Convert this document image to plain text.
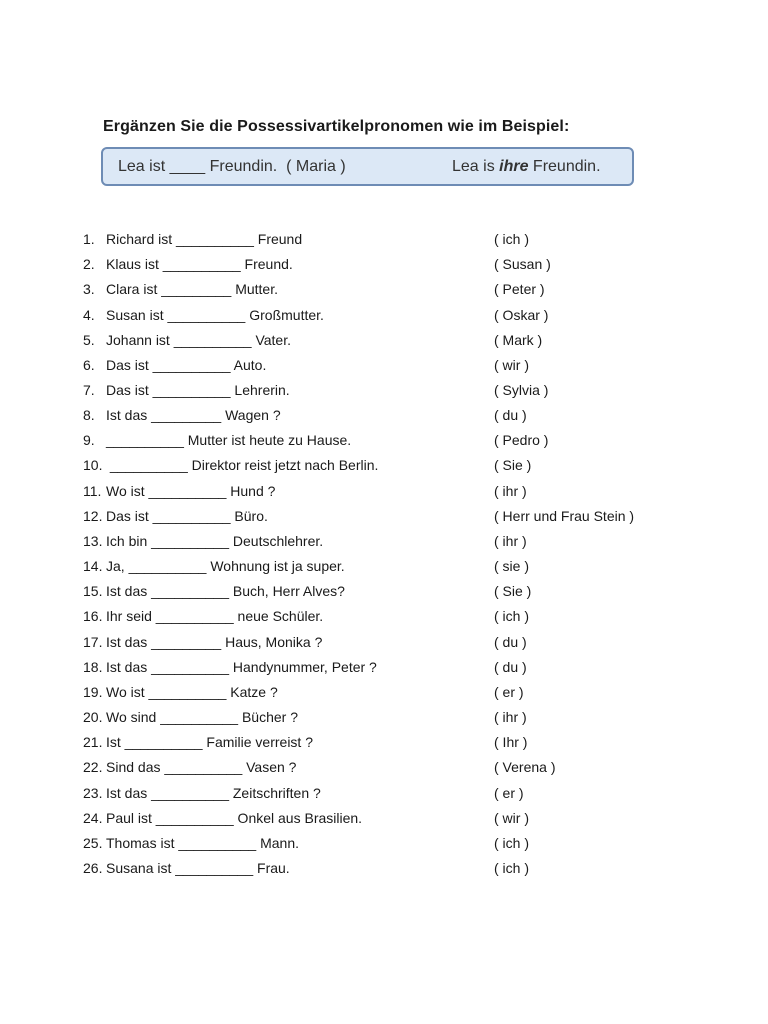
Ergänzen Sie die Possessivartikelpronomen wie im Beispiel:
Lea ist ____ Freundin.  ( Maria )	Lea is ihre Freundin.
1. Richard ist __________ Freund	( ich )
2. Klaus ist __________ Freund.	( Susan )
3. Clara ist _________ Mutter.	( Peter )
4. Susan ist __________ Großmutter.	( Oskar )
5. Johann ist __________ Vater.	( Mark )
6. Das ist __________ Auto.	( wir )
7. Das ist __________ Lehrerin.	( Sylvia )
8. Ist das _________ Wagen ?	( du )
9. __________ Mutter ist heute zu Hause.	( Pedro )
10. __________ Direktor reist jetzt nach Berlin.	( Sie )
11. Wo ist __________ Hund ?	( ihr )
12. Das ist __________ Büro.	( Herr und Frau Stein )
13. Ich bin __________ Deutschlehrer.	( ihr )
14. Ja, __________ Wohnung ist ja super.	( sie )
15. Ist das __________ Buch, Herr Alves?	( Sie )
16. Ihr seid __________ neue Schüler.	( ich )
17. Ist das _________ Haus, Monika ?	( du )
18. Ist das __________ Handynummer, Peter ?	( du )
19. Wo ist __________ Katze ?	( er )
20. Wo sind __________ Bücher ?	( ihr )
21. Ist __________ Familie verreist ?	( Ihr )
22. Sind das __________ Vasen ?	( Verena )
23. Ist das __________ Zeitschriften ?	( er )
24. Paul ist __________ Onkel aus Brasilien.	( wir )
25. Thomas ist __________ Mann.	( ich )
26. Susana ist __________ Frau.	( ich )
